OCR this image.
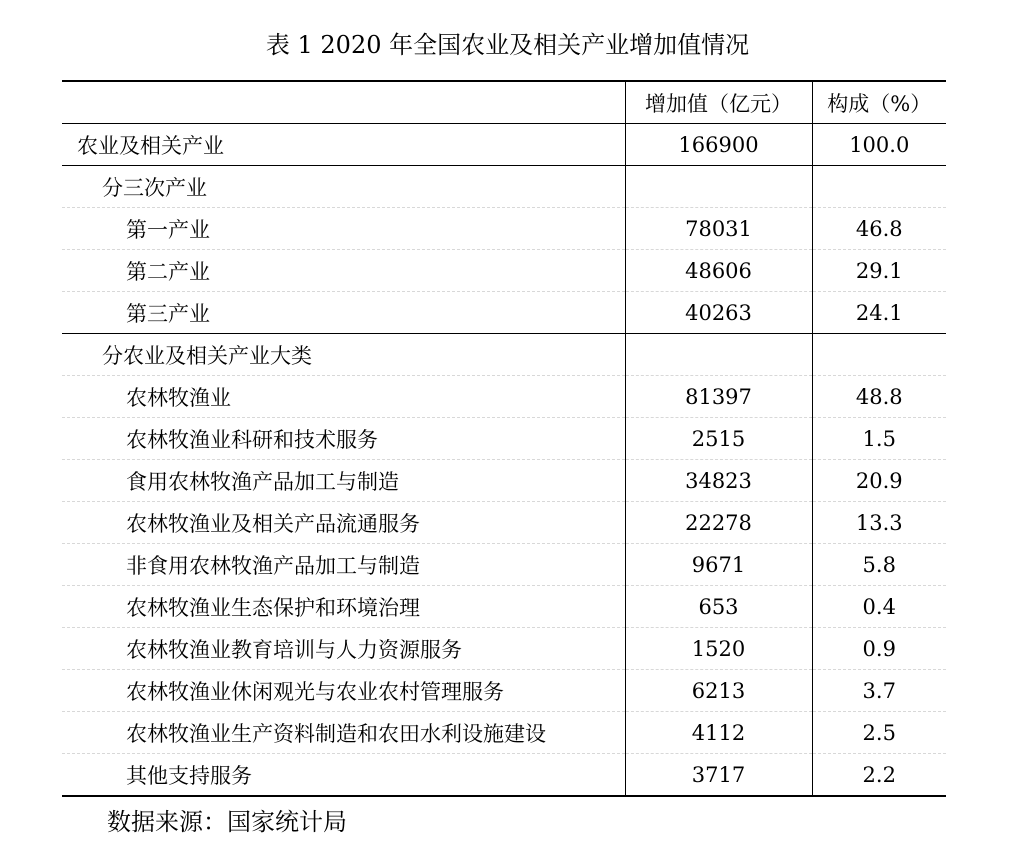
表 1 2020 年全国农业及相关产业增加值情况
	增加值（亿元）	构成（%）
农业及相关产业	166900	100.0
分三次产业		
第一产业	78031	46.8
第二产业	48606	29.1
第三产业	40263	24.1
分农业及相关产业大类		
农林牧渔业	81397	48.8
农林牧渔业科研和技术服务	2515	1.5
食用农林牧渔产品加工与制造	34823	20.9
农林牧渔业及相关产品流通服务	22278	13.3
非食用农林牧渔产品加工与制造	9671	5.8
农林牧渔业生态保护和环境治理	653	0.4
农林牧渔业教育培训与人力资源服务	1520	0.9
农林牧渔业休闲观光与农业农村管理服务	6213	3.7
农林牧渔业生产资料制造和农田水利设施建设	4112	2.5
其他支持服务	3717	2.2
数据来源：国家统计局
